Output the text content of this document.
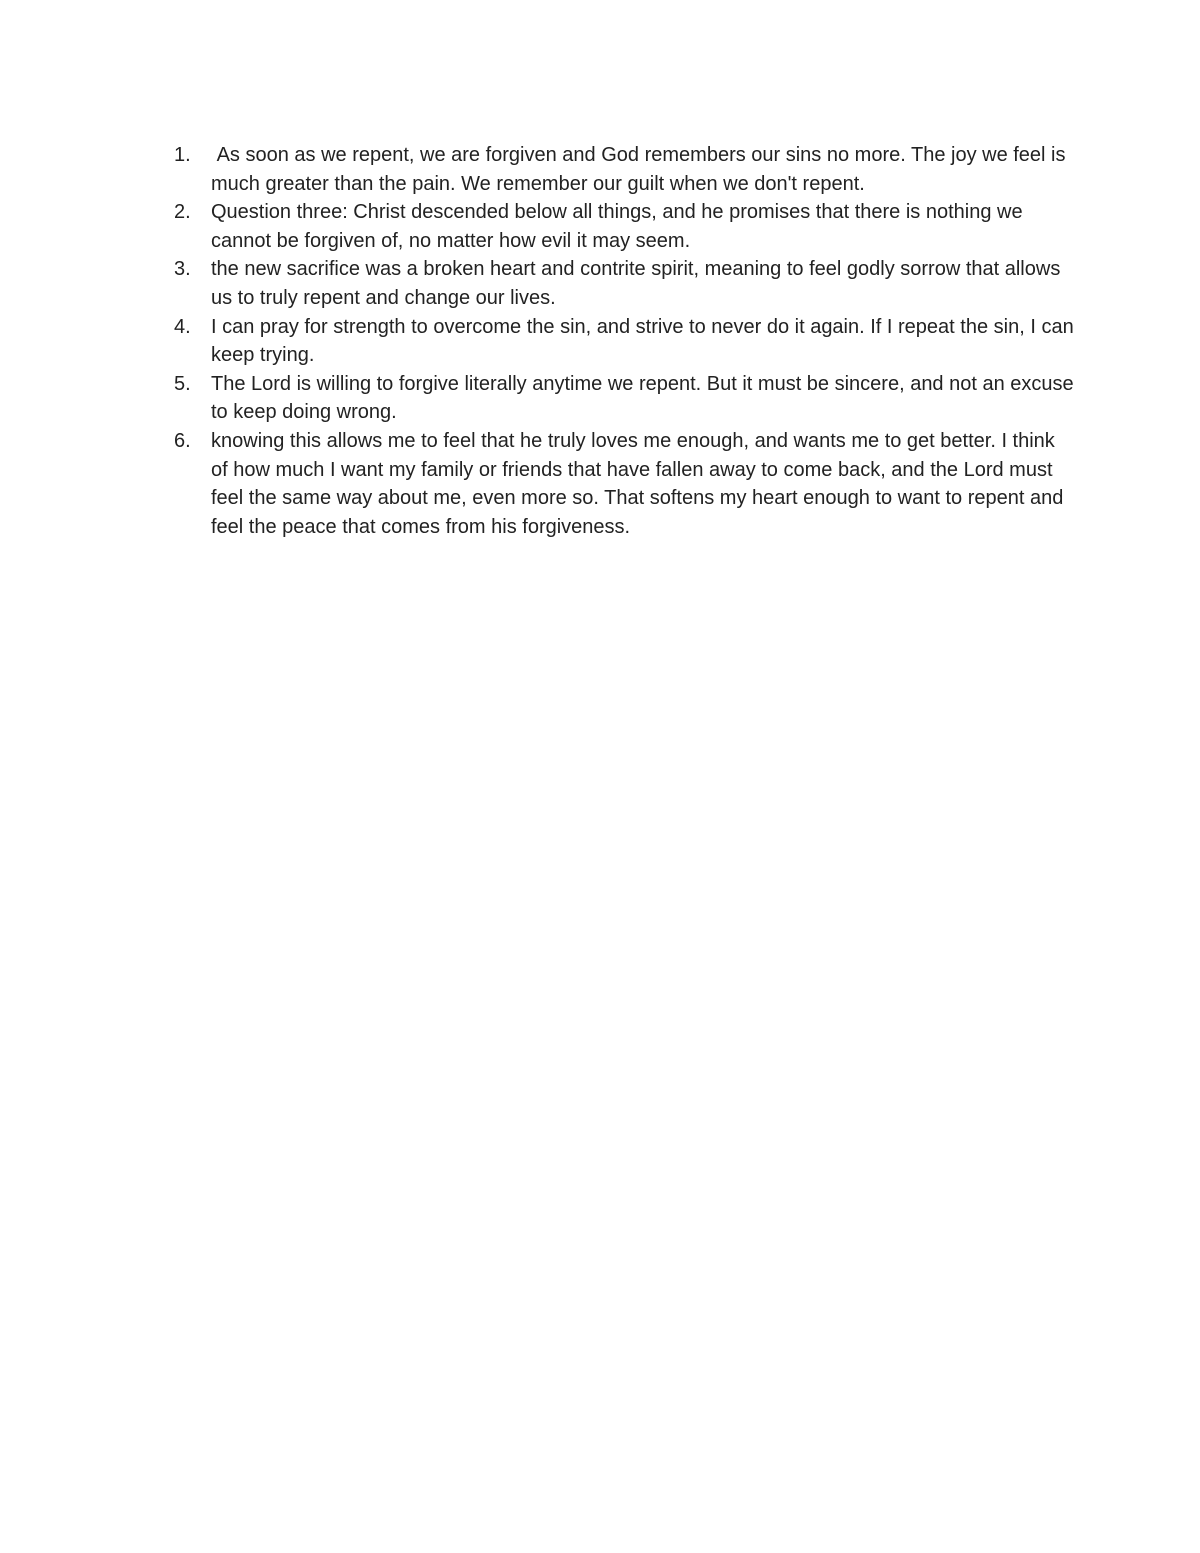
1.	As soon as we repent, we are forgiven and God remembers our sins no more. The joy we feel is much greater than the pain. We remember our guilt when we don't repent.
2.	Question three: Christ descended below all things, and he promises that there is nothing we cannot be forgiven of, no matter how evil it may seem.
3.	the new sacrifice was a broken heart and contrite spirit, meaning to feel godly sorrow that allows us to truly repent and change our lives.
4.	I can pray for strength to overcome the sin, and strive to never do it again. If I repeat the sin, I can keep trying.
5.	The Lord is willing to forgive literally anytime we repent. But it must be sincere, and not an excuse to keep doing wrong.
6.	knowing this allows me to feel that he truly loves me enough, and wants me to get better. I think of how much I want my family or friends that have fallen away to come back, and the Lord must feel the same way about me, even more so. That softens my heart enough to want to repent and feel the peace that comes from his forgiveness.
